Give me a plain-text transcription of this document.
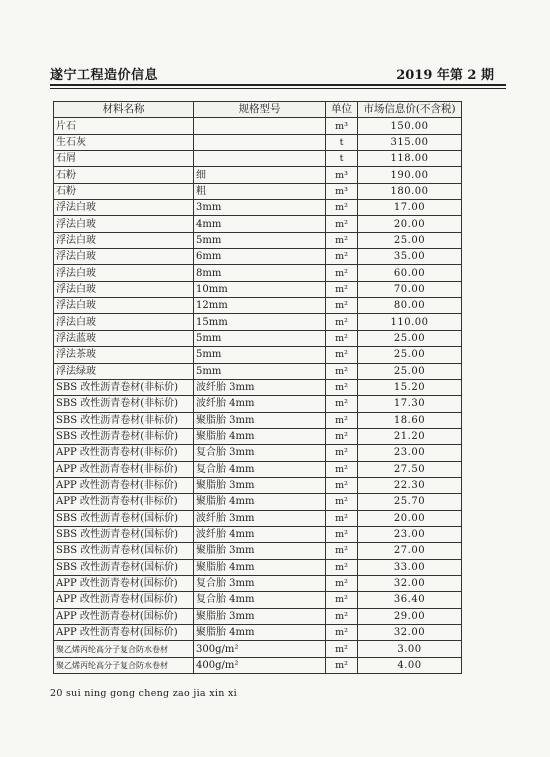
遂宁工程造价信息	2019 年第 2 期
材料名称	规格型号	单位	市场信息价(不含税)
片石		m³	150.00
生石灰		t	315.00
石屑		t	118.00
石粉	细	m³	190.00
石粉	粗	m³	180.00
浮法白玻	3mm	m²	17.00
浮法白玻	4mm	m²	20.00
浮法白玻	5mm	m²	25.00
浮法白玻	6mm	m²	35.00
浮法白玻	8mm	m²	60.00
浮法白玻	10mm	m²	70.00
浮法白玻	12mm	m²	80.00
浮法白玻	15mm	m²	110.00
浮法蓝玻	5mm	m²	25.00
浮法茶玻	5mm	m²	25.00
浮法绿玻	5mm	m²	25.00
SBS 改性沥青卷材(非标价)	波纤胎 3mm	m²	15.20
SBS 改性沥青卷材(非标价)	波纤胎 4mm	m²	17.30
SBS 改性沥青卷材(非标价)	聚脂胎 3mm	m²	18.60
SBS 改性沥青卷材(非标价)	聚脂胎 4mm	m²	21.20
APP 改性沥青卷材(非标价)	复合胎 3mm	m²	23.00
APP 改性沥青卷材(非标价)	复合胎 4mm	m²	27.50
APP 改性沥青卷材(非标价)	聚脂胎 3mm	m²	22.30
APP 改性沥青卷材(非标价)	聚脂胎 4mm	m²	25.70
SBS 改性沥青卷材(国标价)	波纤胎 3mm	m²	20.00
SBS 改性沥青卷材(国标价)	波纤胎 4mm	m²	23.00
SBS 改性沥青卷材(国标价)	聚脂胎 3mm	m²	27.00
SBS 改性沥青卷材(国标价)	聚脂胎 4mm	m²	33.00
APP 改性沥青卷材(国标价)	复合胎 3mm	m²	32.00
APP 改性沥青卷材(国标价)	复合胎 4mm	m²	36.40
APP 改性沥青卷材(国标价)	聚脂胎 3mm	m²	29.00
APP 改性沥青卷材(国标价)	聚脂胎 4mm	m²	32.00
聚乙烯丙纶高分子复合防水卷材	300g/m²	m²	3.00
聚乙烯丙纶高分子复合防水卷材	400g/m²	m²	4.00
20 sui ning gong cheng zao jia xin xi
